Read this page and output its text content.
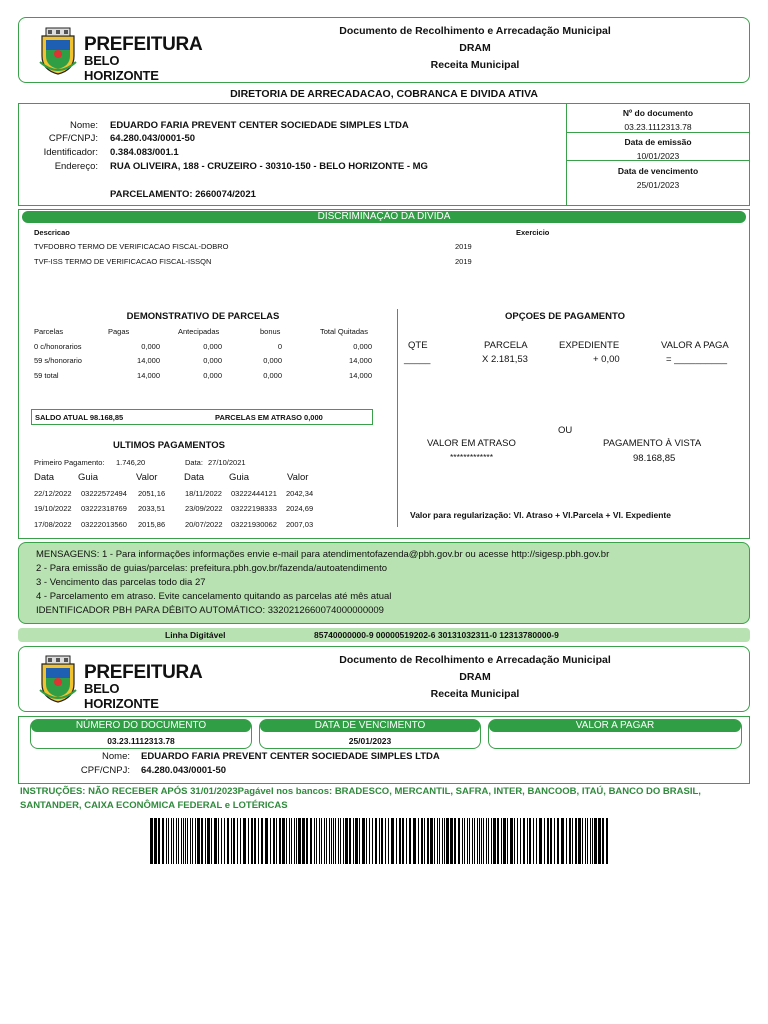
PREFEITURA
BELO HORIZONTE
Documento de Recolhimento e Arrecadação Municipal
DRAM
Receita Municipal
DIRETORIA DE ARRECADACAO, COBRANCA E DIVIDA ATIVA
Nome: EDUARDO FARIA PREVENT CENTER SOCIEDADE SIMPLES LTDA
CPF/CNPJ: 64.280.043/0001-50
Identificador: 0.384.083/001.1
Endereço: RUA OLIVEIRA, 188 - CRUZEIRO - 30310-150 - BELO HORIZONTE - MG
PARCELAMENTO: 2660074/2021
Nº do documento
03.23.1112313.78
Data de emissão
10/01/2023
Data de vencimento
25/01/2023
DISCRIMINAÇÃO DA DIVIDA
Descricao	Exercicio
TVFDOBRO TERMO DE VERIFICACAO FISCAL-DOBRO	2019
TVF-ISS TERMO DE VERIFICACAO FISCAL-ISSQN	2019
DEMONSTRATIVO DE PARCELAS
Parcelas	Pagas	Antecipadas	bonus	Total Quitadas
0 c/honorarios	0,000	0,000	0	0,000
59 s/honorario	14,000	0,000	0,000	14,000
59 total	14,000	0,000	0,000	14,000
SALDO ATUAL 98.168,85	PARCELAS EM ATRASO 0,000
OPÇOES DE PAGAMENTO
QTE	PARCELA	EXPEDIENTE	VALOR A PAGA
_____	X 2.181,53	+ 0,00	= __________
OU
VALOR EM ATRASO
*************
PAGAMENTO À VISTA
98.168,85
Valor para regularização: Vl. Atraso + Vl.Parcela + Vl. Expediente
ULTIMOS PAGAMENTOS
Primeiro Pagamento: 1.746,20	Data: 27/10/2021
Data	Guia	Valor	Data	Guia	Valor
22/12/2022 03222572494 2051,16	18/11/2022 03222444121 2042,34
19/10/2022 03222318769 2033,51	23/09/2022 03222198333 2024,69
17/08/2022 03222013560 2015,86	20/07/2022 03221930062 2007,03
MENSAGENS: 1 - Para informações informações envie e-mail para atendimentofazenda@pbh.gov.br ou acesse http://sigesp.pbh.gov.br
2 - Para emissão de guias/parcelas: prefeitura.pbh.gov.br/fazenda/autoatendimento
3 - Vencimento das parcelas todo dia 27
4 - Parcelamento em atraso. Evite cancelamento quitando as parcelas até mês atual
IDENTIFICADOR PBH PARA DÉBITO AUTOMÁTICO: 3320212660074000000009
Linha Digitável	85740000000-9 00000519202-6 30131032311-0 12313780000-9
PREFEITURA
BELO HORIZONTE
Documento de Recolhimento e Arrecadação Municipal
DRAM
Receita Municipal
NÚMERO DO DOCUMENTO
03.23.1112313.78
DATA DE VENCIMENTO
25/01/2023
VALOR A PAGAR
Nome: EDUARDO FARIA PREVENT CENTER SOCIEDADE SIMPLES LTDA
CPF/CNPJ: 64.280.043/0001-50
INSTRUÇÕES: NÃO RECEBER APÓS 31/01/2023Pagável nos bancos: BRADESCO, MERCANTIL, SAFRA, INTER, BANCOOB, ITAÚ, BANCO DO BRASIL,
SANTANDER, CAIXA ECONÔMICA FEDERAL e LOTÉRICAS
